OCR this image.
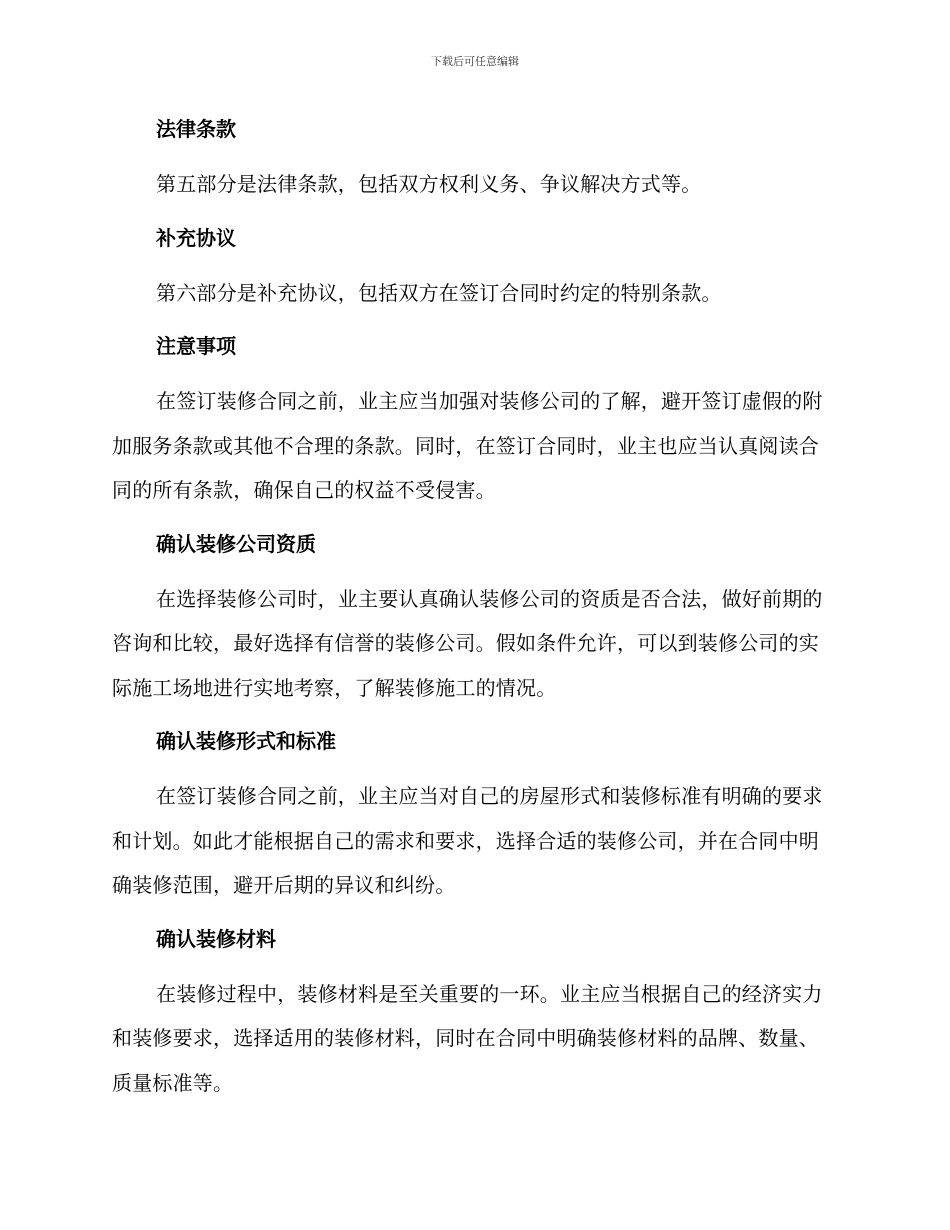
下载后可任意编辑
法律条款

第五部分是法律条款，包括双方权利义务、争议解决方式等。

补充协议

第六部分是补充协议，包括双方在签订合同时约定的特别条款。

注意事项

在签订装修合同之前，业主应当加强对装修公司的了解，避开签订虚假的附加服务条款或其他不合理的条款。同时，在签订合同时，业主也应当认真阅读合同的所有条款，确保自己的权益不受侵害。

确认装修公司资质

在选择装修公司时，业主要认真确认装修公司的资质是否合法，做好前期的咨询和比较，最好选择有信誉的装修公司。假如条件允许，可以到装修公司的实际施工场地进行实地考察，了解装修施工的情况。

确认装修形式和标准

在签订装修合同之前，业主应当对自己的房屋形式和装修标准有明确的要求和计划。如此才能根据自己的需求和要求，选择合适的装修公司，并在合同中明确装修范围，避开后期的异议和纠纷。

确认装修材料

在装修过程中，装修材料是至关重要的一环。业主应当根据自己的经济实力和装修要求，选择适用的装修材料，同时在合同中明确装修材料的品牌、数量、质量标准等。
